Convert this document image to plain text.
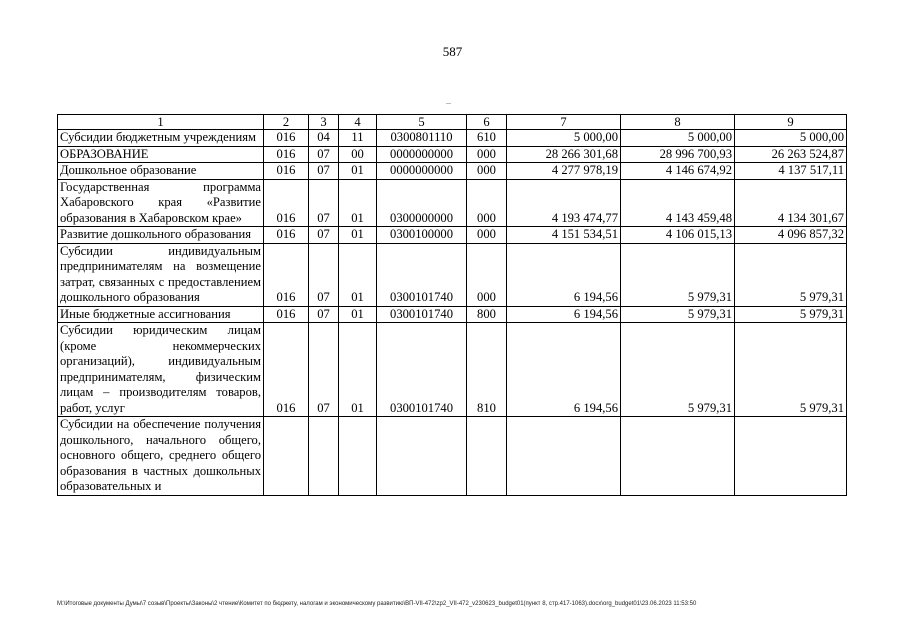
587
1	2	3	4	5	6	7	8	9
Субсидии бюджетным учреждениям	016	04	11	0300801110	610	5 000,00	5 000,00	5 000,00
ОБРАЗОВАНИЕ	016	07	00	0000000000	000	28 266 301,68	28 996 700,93	26 263 524,87
Дошкольное образование	016	07	01	0000000000	000	4 277 978,19	4 146 674,92	4 137 517,11
Государственная программа Хабаровского края «Развитие образования в Хабаровском крае»	016	07	01	0300000000	000	4 193 474,77	4 143 459,48	4 134 301,67
Развитие дошкольного образования	016	07	01	0300100000	000	4 151 534,51	4 106 015,13	4 096 857,32
Субсидии индивидуальным предпринимателям на возмещение затрат, связанных с предоставлением дошкольного образования	016	07	01	0300101740	000	6 194,56	5 979,31	5 979,31
Иные бюджетные ассигнования	016	07	01	0300101740	800	6 194,56	5 979,31	5 979,31
Субсидии юридическим лицам (кроме некоммерческих организаций), индивидуальным предпринимателям, физическим лицам – производителям товаров, работ, услуг	016	07	01	0300101740	810	6 194,56	5 979,31	5 979,31
Субсидии на обеспечение получения дошкольного, начального общего, основного общего, среднего общего образования в частных дошкольных образовательных и								
M:\Итоговые документы Думы\7 созыв\Проекты\Законы\2 чтение\Комитет по бюджету, налогам и экономическому развитию\ВП-VII-472\zp2_VII-472_v230623_budget01(пункт 8, стр.417-1063).docx\org_budget01\23.06.2023 11:53:50
